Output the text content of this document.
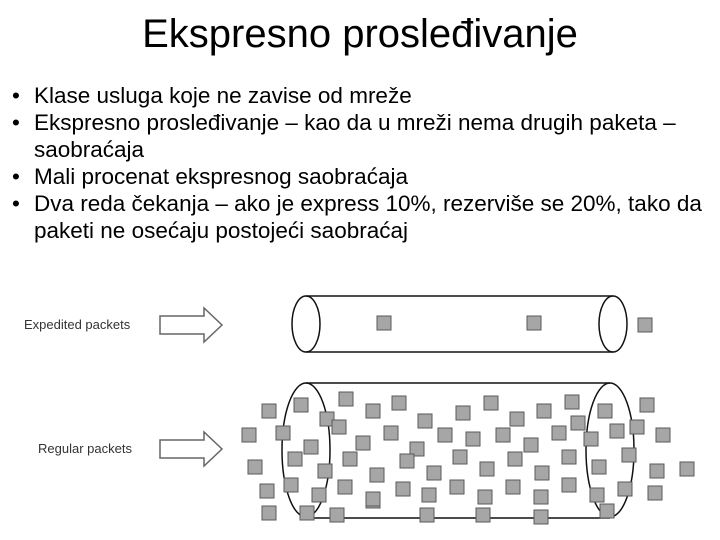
Ekspresno prosleđivanje
• Klase usluga koje ne zavise od mreže
• Ekspresno prosleđivanje – kao da u mreži nema drugih paketa – saobraćaja
• Mali procenat ekspresnog saobraćaja
• Dva reda čekanja – ako je express 10%, rezerviše se 20%, tako da paketi ne osećaju postojeći saobraćaj
Expedited packets
Regular packets
